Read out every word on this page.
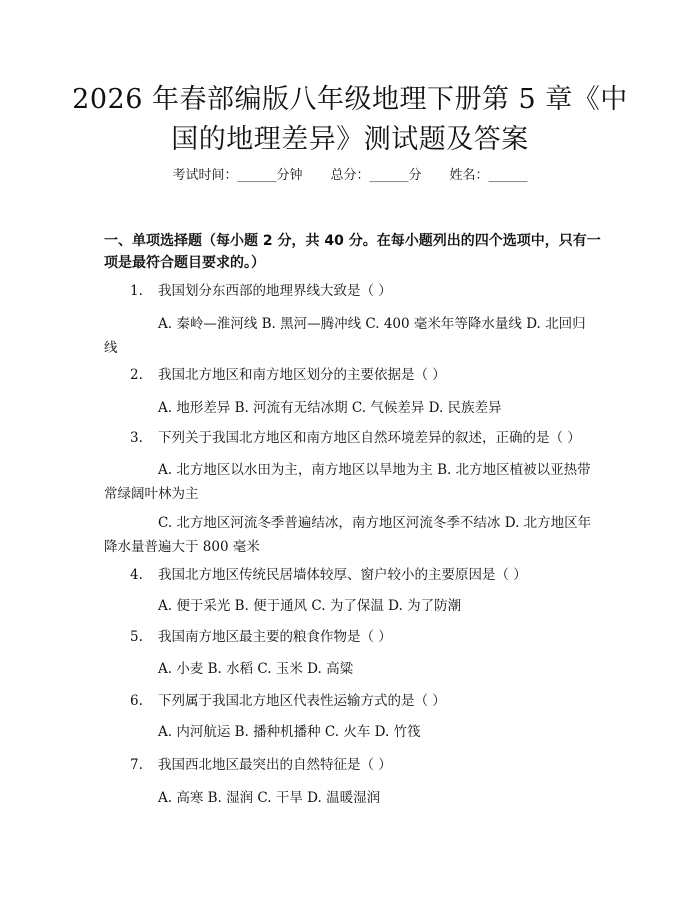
2026 年春部编版八年级地理下册第 5 章《中国的地理差异》测试题及答案
考试时间：______分钟 总分：______分 姓名：______
一、单项选择题（每小题 2 分，共 40 分。在每小题列出的四个选项中，只有一项是最符合题目要求的。）
1. 我国划分东西部的地理界线大致是（ ）
A. 秦岭—淮河线 B. 黑河—腾冲线 C. 400 毫米年等降水量线 D. 北回归线
2. 我国北方地区和南方地区划分的主要依据是（ ）
A. 地形差异 B. 河流有无结冰期 C. 气候差异 D. 民族差异
3. 下列关于我国北方地区和南方地区自然环境差异的叙述，正确的是（ ）
A. 北方地区以水田为主，南方地区以旱地为主 B. 北方地区植被以亚热带常绿阔叶林为主
C. 北方地区河流冬季普遍结冰，南方地区河流冬季不结冰 D. 北方地区年降水量普遍大于 800 毫米
4. 我国北方地区传统民居墙体较厚、窗户较小的主要原因是（ ）
A. 便于采光 B. 便于通风 C. 为了保温 D. 为了防潮
5. 我国南方地区最主要的粮食作物是（ ）
A. 小麦 B. 水稻 C. 玉米 D. 高粱
6. 下列属于我国北方地区代表性运输方式的是（ ）
A. 内河航运 B. 播种机播种 C. 火车 D. 竹筏
7. 我国西北地区最突出的自然特征是（ ）
A. 高寒 B. 湿润 C. 干旱 D. 温暖湿润
